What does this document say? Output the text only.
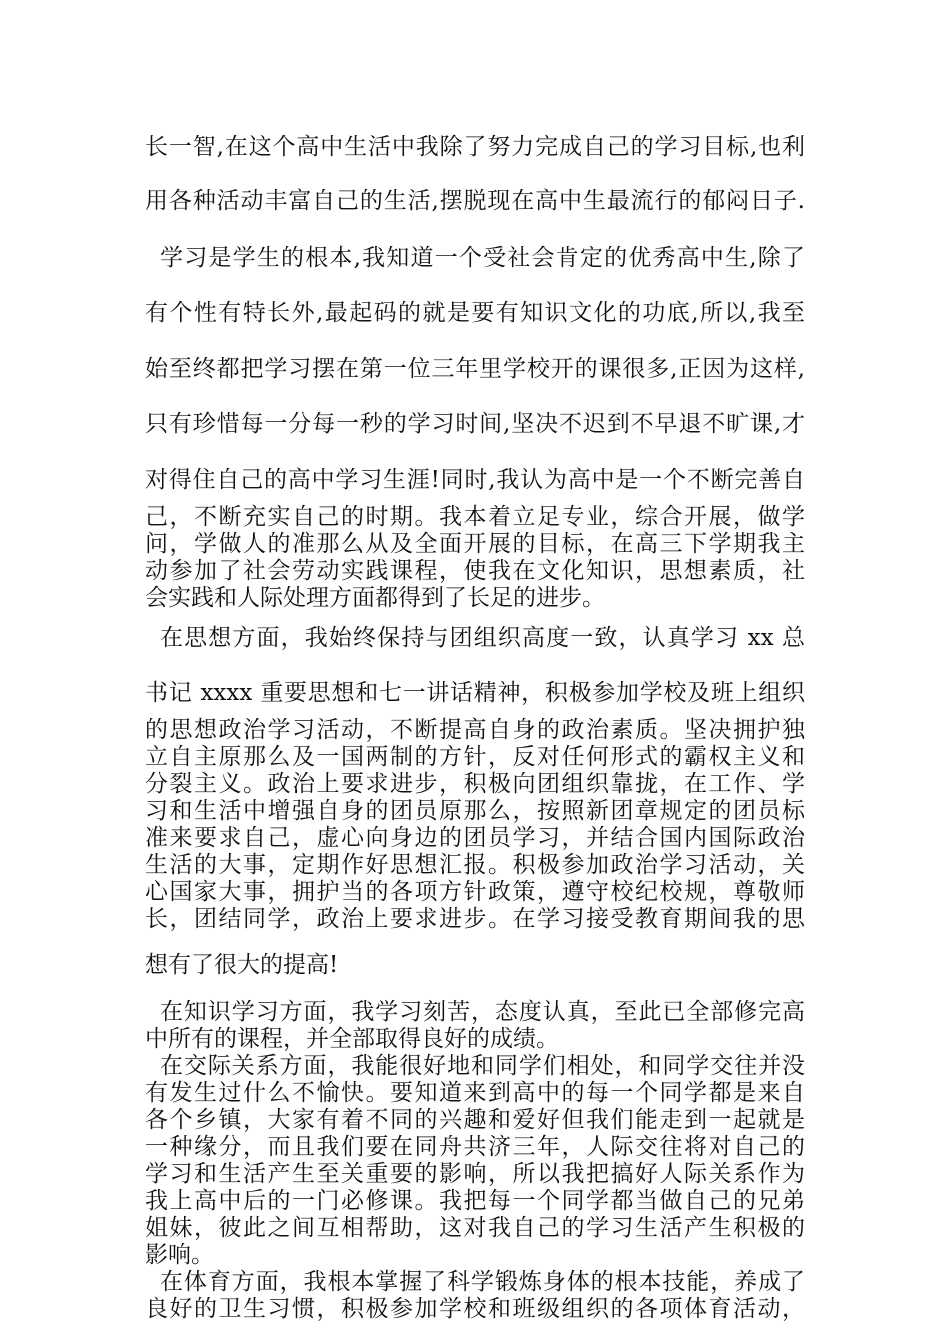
长一智,在这个高中生活中我除了努力完成自己的学习目标,也利
用各种活动丰富自己的生活,摆脱现在高中生最流行的郁闷日子.
学习是学生的根本,我知道一个受社会肯定的优秀高中生,除了
有个性有特长外,最起码的就是要有知识文化的功底,所以,我至
始至终都把学习摆在第一位三年里学校开的课很多,正因为这样,
只有珍惜每一分每一秒的学习时间,坚决不迟到不早退不旷课,才
对得住自己的高中学习生涯!同时,我认为高中是一个不断完善自
己，不断充实自己的时期。我本着立足专业，综合开展，做学
问，学做人的准那么从及全面开展的目标，在高三下学期我主
动参加了社会劳动实践课程，使我在文化知识，思想素质，社
会实践和人际处理方面都得到了长足的进步。
在思想方面，我始终保持与团组织高度一致，认真学习 xx 总
书记 xxxx 重要思想和七一讲话精神，积极参加学校及班上组织
的思想政治学习活动，不断提高自身的政治素质。坚决拥护独
立自主原那么及一国两制的方针，反对任何形式的霸权主义和
分裂主义。政治上要求进步，积极向团组织靠拢，在工作、学
习和生活中增强自身的团员原那么，按照新团章规定的团员标
准来要求自己，虚心向身边的团员学习，并结合国内国际政治
生活的大事，定期作好思想汇报。积极参加政治学习活动，关
心国家大事，拥护当的各项方针政策，遵守校纪校规，尊敬师
长，团结同学，政治上要求进步。在学习接受教育期间我的思
想有了很大的提高!
在知识学习方面，我学习刻苦，态度认真，至此已全部修完高
中所有的课程，并全部取得良好的成绩。
在交际关系方面，我能很好地和同学们相处，和同学交往并没
有发生过什么不愉快。要知道来到高中的每一个同学都是来自
各个乡镇，大家有着不同的兴趣和爱好但我们能走到一起就是
一种缘分，而且我们要在同舟共济三年，人际交往将对自己的
学习和生活产生至关重要的影响，所以我把搞好人际关系作为
我上高中后的一门必修课。我把每一个同学都当做自己的兄弟
姐妹，彼此之间互相帮助，这对我自己的学习生活产生积极的
影响。
在体育方面，我根本掌握了科学锻炼身体的根本技能，养成了
良好的卫生习惯，积极参加学校和班级组织的各项体育活动，
